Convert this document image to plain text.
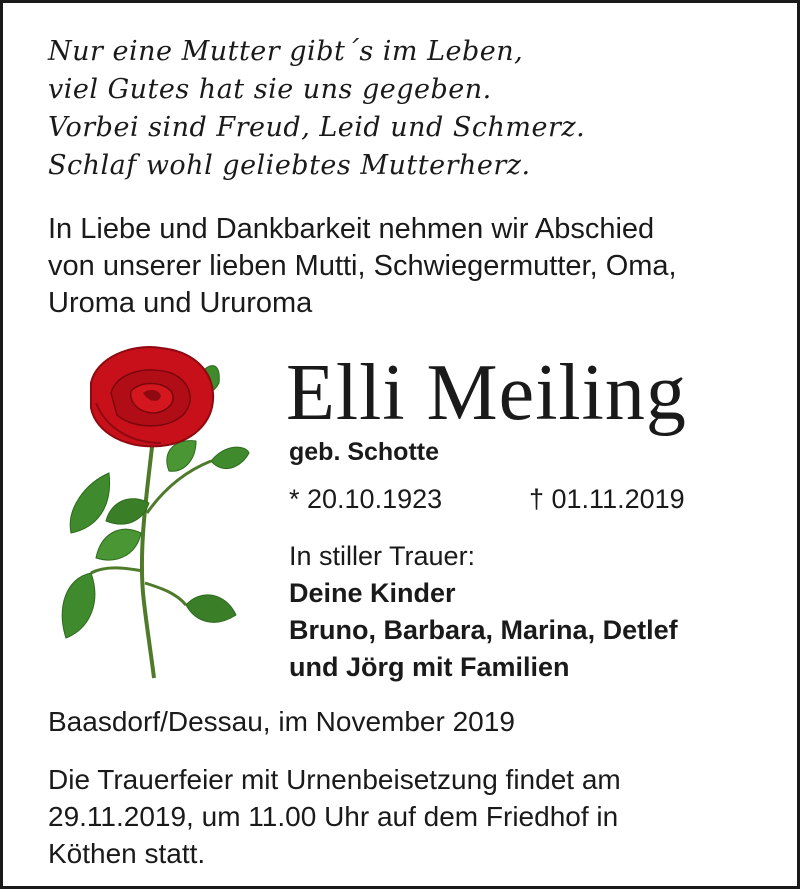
Nur eine Mutter gibt´s im Leben,
viel Gutes hat sie uns gegeben.
Vorbei sind Freud, Leid und Schmerz.
Schlaf wohl geliebtes Mutterherz.
In Liebe und Dankbarkeit nehmen wir Abschied
von unserer lieben Mutti, Schwiegermutter, Oma,
Uroma und Ururoma
Elli Meiling
geb. Schotte
* 20.10.1923	† 01.11.2019
In stiller Trauer:
Deine Kinder
Bruno, Barbara, Marina, Detlef
und Jörg mit Familien
Baasdorf/Dessau, im November 2019
Die Trauerfeier mit Urnenbeisetzung findet am
29.11.2019, um 11.00 Uhr auf dem Friedhof in
Köthen statt.
